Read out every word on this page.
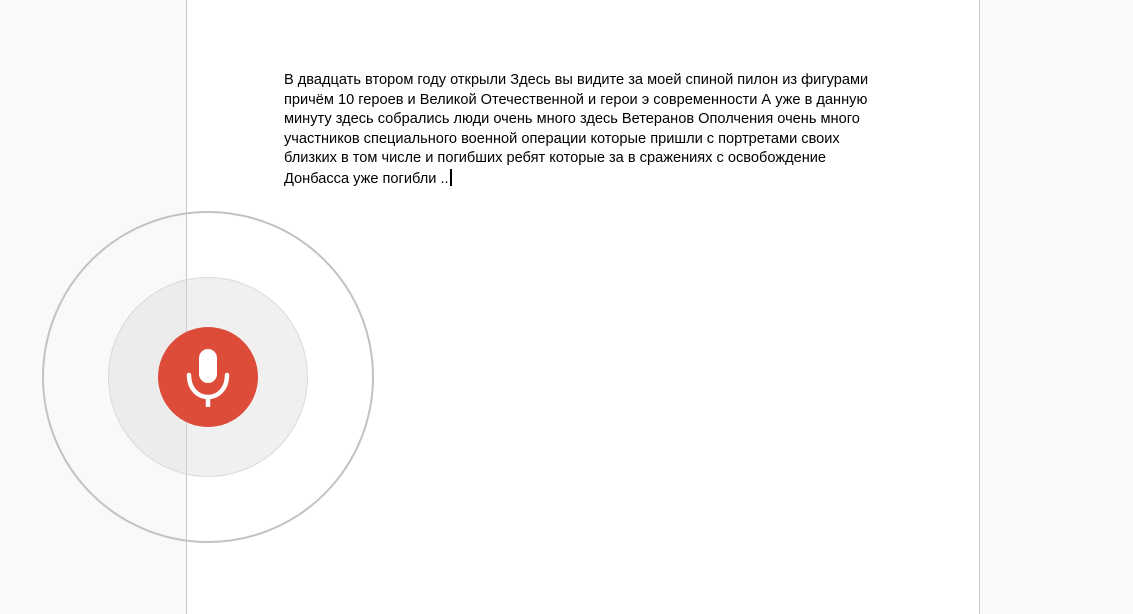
В двадцать втором году открыли Здесь вы видите за моей спиной пилон из фигурами

причём 10 героев и Великой Отечественной и герои э современности А уже в данную

минуту здесь собрались люди очень много здесь Ветеранов Ополчения очень много

участников специального военной операции которые пришли с портретами своих

близких в том числе и погибших ребят которые за в сражениях с освобождение

Донбасса уже погибли ..
